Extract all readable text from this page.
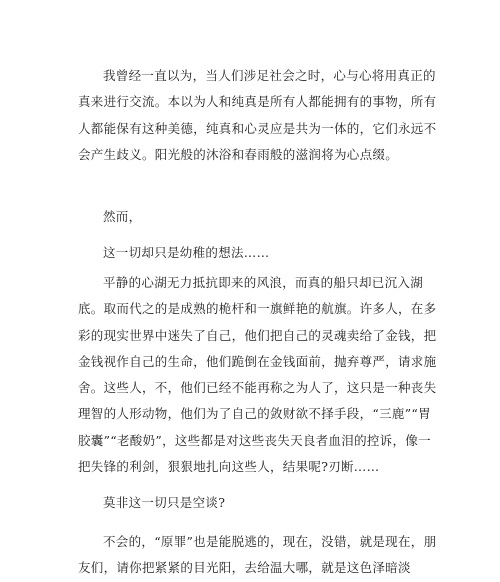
我曾经一直以为，当人们涉足社会之时，心与心将用真正的真来进行交流。本以为人和纯真是所有人都能拥有的事物，所有人都能保有这种美德，纯真和心灵应是共为一体的，它们永远不会产生歧义。阳光般的沐浴和春雨般的滋润将为心点缀。

然而，

这一切却只是幼稚的想法……

平静的心湖无力抵抗即来的风浪，而真的船只却已沉入湖底。取而代之的是成熟的桅杆和一旗鲜艳的航旗。许多人，在多彩的现实世界中迷失了自己，他们把自己的灵魂卖给了金钱，把金钱视作自己的生命，他们跪倒在金钱面前，抛弃尊严，请求施舍。这些人，不，他们已经不能再称之为人了，这只是一种丧失理智的人形动物，他们为了自己的敛财欲不择手段，“三鹿”“胃胶囊”“老酸奶”，这些都是对这些丧失天良者血泪的控诉，像一把失锋的利剑，狠狠地扎向这些人，结果呢?刃断……

莫非这一切只是空谈?

不会的，“原罪”也是能脱逃的，现在，没错，就是现在，朋友们，请你把紧紧的目光阳，去给温大哪，就是这色泽暗淡
